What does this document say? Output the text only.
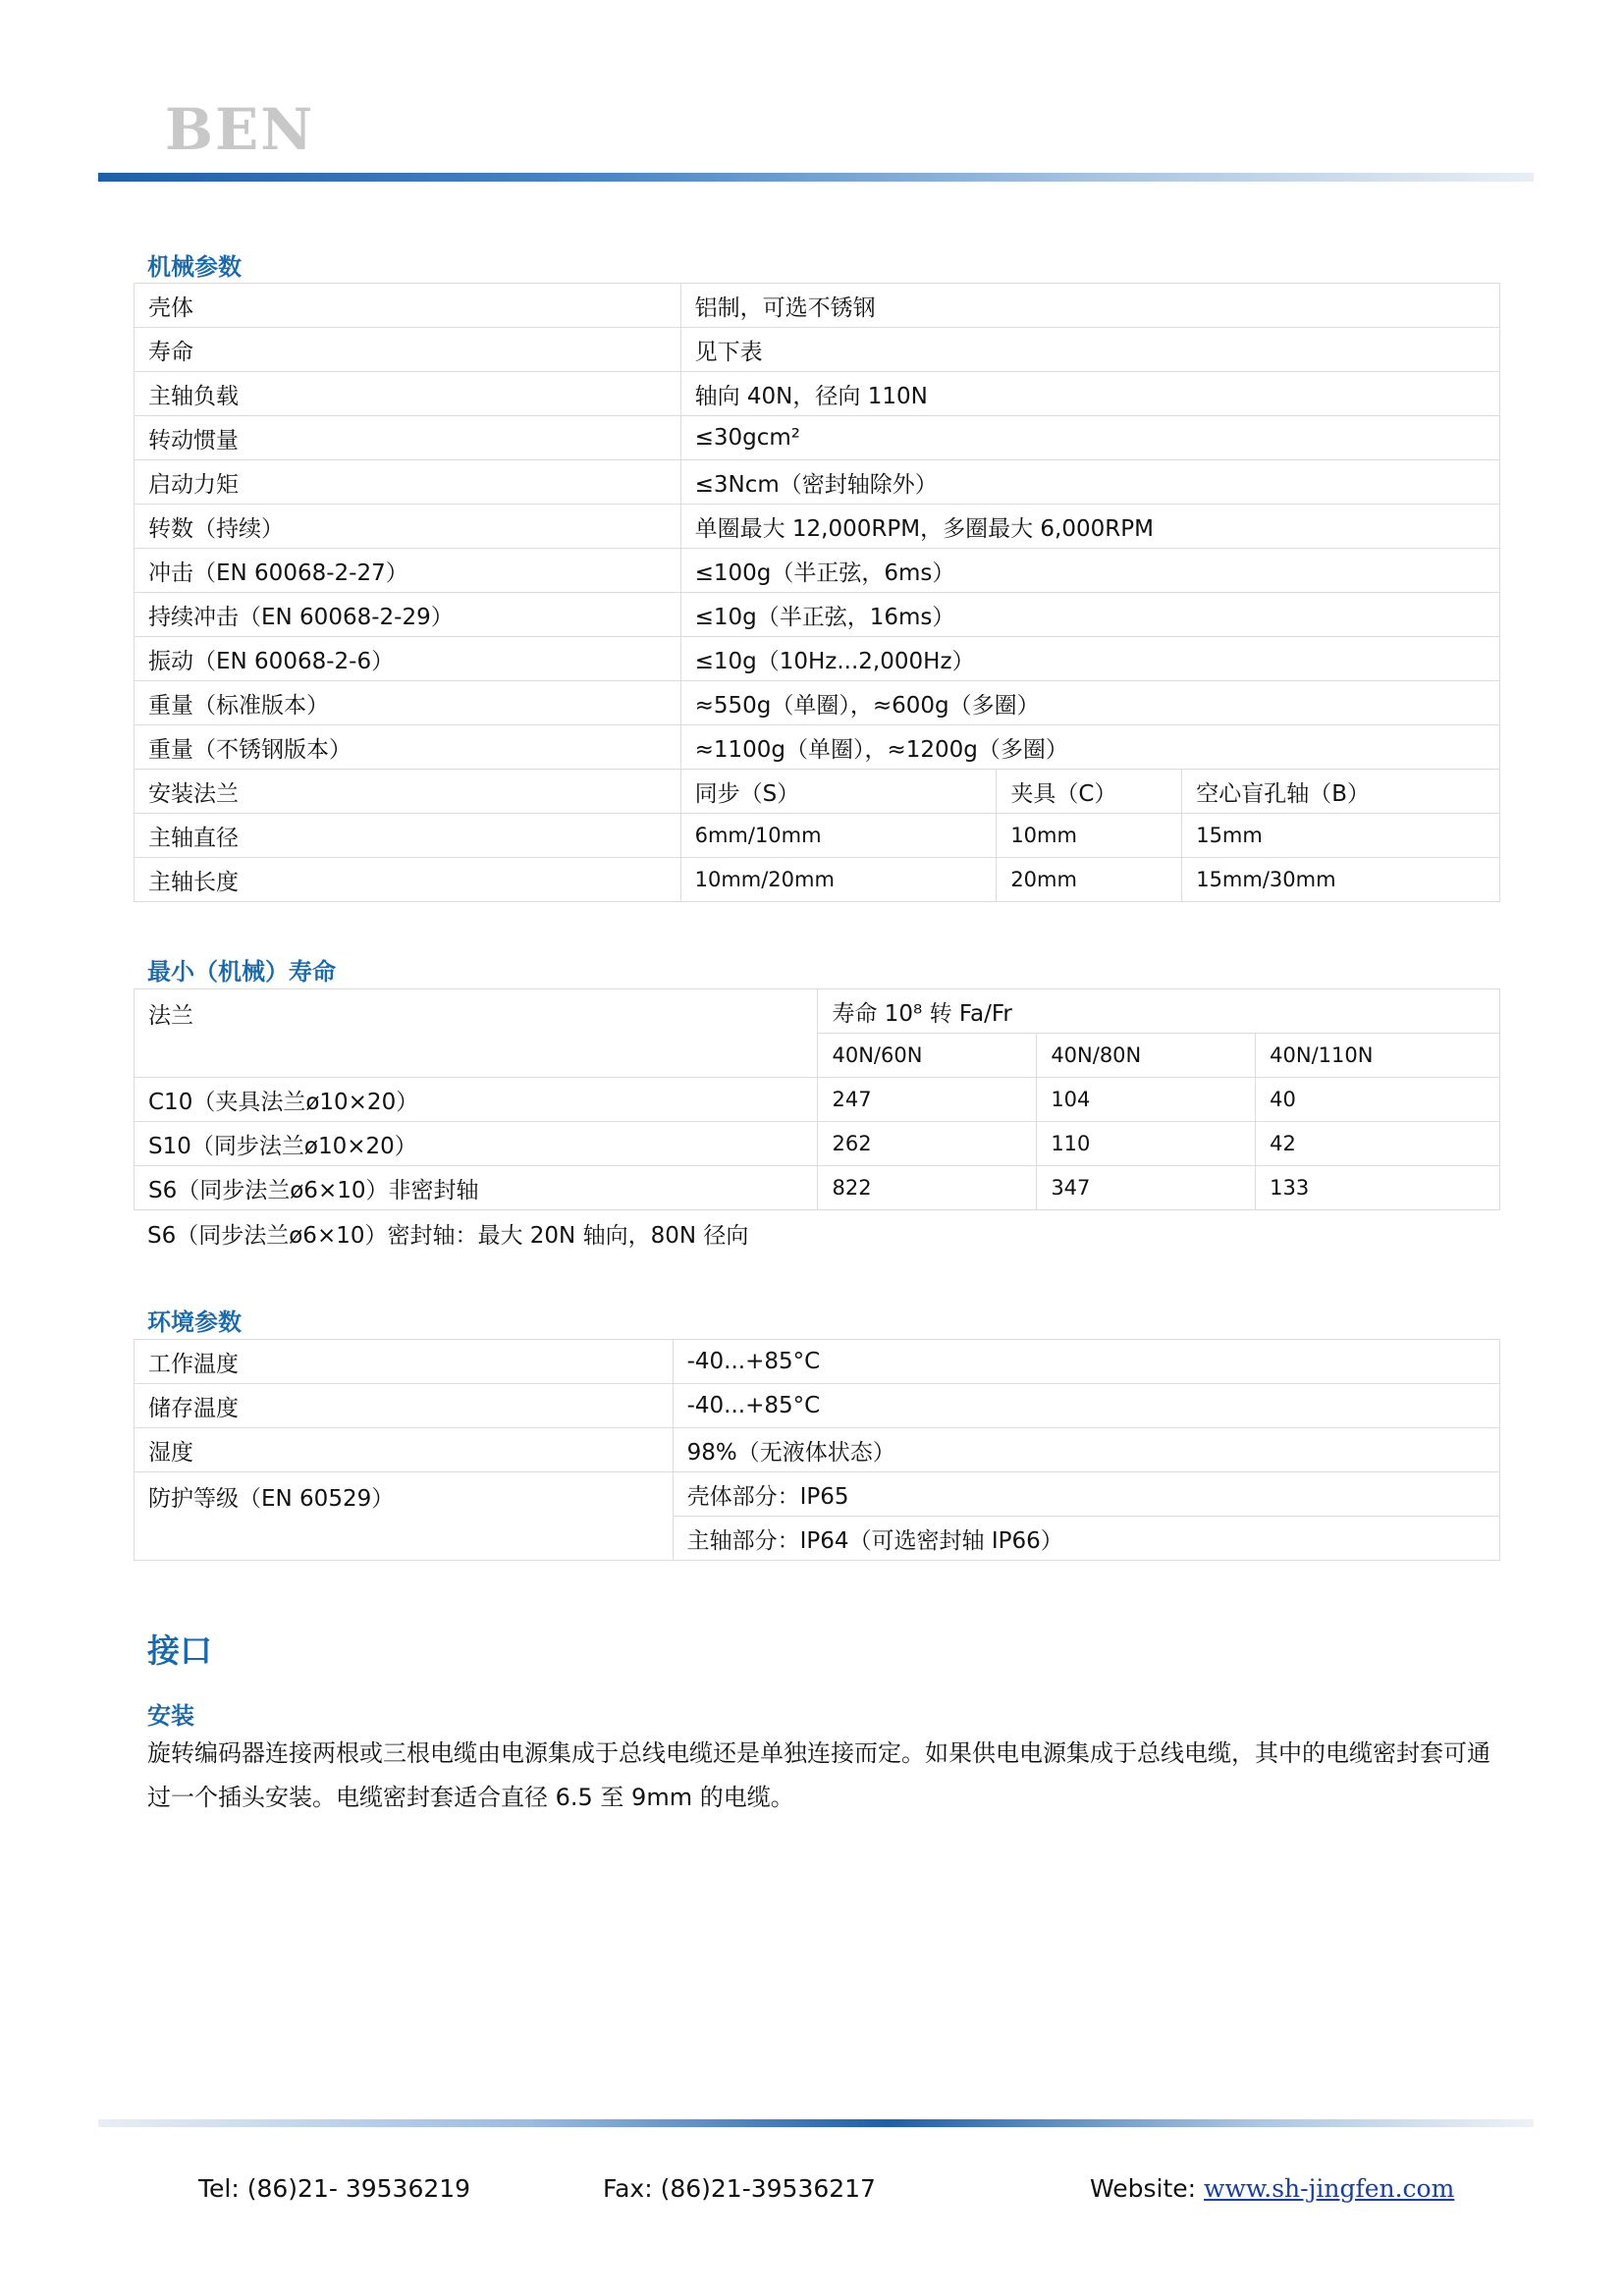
BEN
机械参数
壳体	铝制，可选不锈钢		
寿命	见下表		
主轴负载	轴向 40N，径向 110N		
转动惯量	≤30gcm²		
启动力矩	≤3Ncm（密封轴除外）		
转数（持续）	单圈最大 12,000RPM，多圈最大 6,000RPM		
冲击（EN 60068-2-27）	≤100g（半正弦，6ms）		
持续冲击（EN 60068-2-29）	≤10g（半正弦，16ms）		
振动（EN 60068-2-6）	≤10g（10Hz...2,000Hz）		
重量（标准版本）	≈550g（单圈），≈600g（多圈）		
重量（不锈钢版本）	≈1100g（单圈），≈1200g（多圈）		
安装法兰	同步（S）	夹具（C）	空心盲孔轴（B）
主轴直径	6mm/10mm	10mm	15mm
主轴长度	10mm/20mm	20mm	15mm/30mm
最小（机械）寿命
法兰	寿命 10⁸ 转 Fa/Fr		
	40N/60N	40N/80N	40N/110N
C10（夹具法兰ø10×20）	247	104	40
S10（同步法兰ø10×20）	262	110	42
S6（同步法兰ø6×10）非密封轴	822	347	133
S6（同步法兰ø6×10）密封轴：最大 20N 轴向，80N 径向
环境参数
工作温度	-40...+85°C
储存温度	-40...+85°C
湿度	98%（无液体状态）
防护等级（EN 60529）	壳体部分：IP65
	主轴部分：IP64（可选密封轴 IP66）
接口
安装
旋转编码器连接两根或三根电缆由电源集成于总线电缆还是单独连接而定。如果供电电源集成于总线电缆，其中的电缆密封套可通过一个插头安装。电缆密封套适合直径 6.5 至 9mm 的电缆。
Tel: (86)21- 39536219	Fax: (86)21-39536217	Website: www.sh-jingfen.com
